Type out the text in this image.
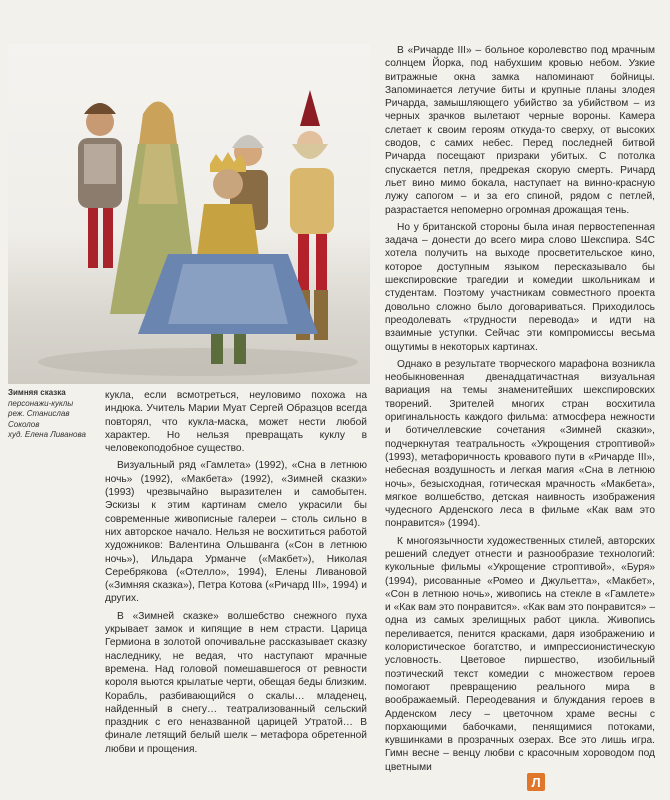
Зимняя сказка
персонажи-куклы
реж. Станислав
Соколов
худ. Елена Ливанова

кукла, если всмотреться, неуловимо похожа на индюка. Учитель Марии Муат Сергей Образцов всегда повторял, что кукла-маска, может нести любой характер. Но нельзя превращать куклу в человекоподобное существо.

Визуальный ряд «Гамлета» (1992), «Сна в летнюю ночь» (1992), «Макбета» (1992), «Зимней сказки» (1993) чрезвычайно выразителен и самобытен. Эскизы к этим картинам смело украсили бы современные живописные галереи – столь сильно в них авторское начало. Нельзя не восхититься работой художников: Валентина Ольшванга («Сон в летнюю ночь»), Ильдара Урманче («Макбет»), Николая Серебрякова («Отелло», 1994), Елены Ливановой («Зимняя сказка»), Петра Котова («Ричард III», 1994) и других.

В «Зимней сказке» волшебство снежного пуха укрывает замок и кипящие в нем страсти. Царица Гермиона в золотой опочивальне рассказывает сказку наследнику, не ведая, что наступают мрачные времена. Над головой помешавшегося от ревности короля вьются крылатые черти, обещая беды близким. Корабль, разбивающийся о скалы… младенец, найденный в снегу… театрализованный сельский праздник с его неназванной царицей Утратой… В финале летящий белый шелк – метафора обретенной любви и прощения.

В «Ричарде III» – больное королевство под мрачным солнцем Йорка, под набухшим кровью небом. Узкие витражные окна замка напоминают бойницы. Запоминается летучие биты и крупные планы злодея Ричарда, замышляющего убийство за убийством – из черных зрачков вылетают черные вороны. Камера слетает к своим героям откуда-то сверху, от высоких сводов, с самих небес. Перед последней битвой Ричарда посещают призраки убитых. С потолка спускается петля, предрекая скорую смерть. Ричард льет вино мимо бокала, наступает на винно-красную лужу сапогом – и за его спиной, рядом с петлей, разрастается непомерно огромная дрожащая тень.

Но у британской стороны была иная первостепенная задача – донести до всего мира слово Шекспира. S4C хотела получить на выходе просветительское кино, которое доступным языком пересказывало бы шекспировские трагедии и комедии школьникам и студентам. Поэтому участникам совместного проекта довольно сложно было договариваться. Приходилось преодолевать «трудности перевода» и идти на взаимные уступки. Сейчас эти компромиссы весьма ощутимы в некоторых картинах.

Однако в результате творческого марафона возникла необыкновенная двенадцатичастная визуальная вариация на темы знаменитейших шекспировских творений. Зрителей многих стран восхитила оригинальность каждого фильма: атмосфера нежности и ботичеллевские сочетания «Зимней сказки», подчеркнутая театральность «Укрощения строптивой» (1993), метафоричность кровавого пути в «Ричарде III», небесная воздушность и легкая магия «Сна в летнюю ночь», безысходная, готическая мрачность «Макбета», мягкое волшебство, детская наивность изображения чудесного Арденского леса в фильме «Как вам это понравится» (1994).

К многоязычности художественных стилей, авторских решений следует отнести и разнообразие технологий: кукольные фильмы «Укрощение строптивой», «Буря» (1994), рисованные «Ромео и Джульетта», «Макбет», «Сон в летнюю ночь», живопись на стекле в «Гамлете» и «Как вам это понравится». «Как вам это понравится» – одна из самых зрелищных работ цикла. Живопись переливается, пенится красками, даря изображению и колористическое богатство, и импрессионистическую условность. Цветовое пиршество, изобильный поэтический текст комедии с множеством героев помогают превращению реального мира в воображаемый. Переодевания и блуждания героев в Арденском лесу – цветочном храме весны с порхающими бабочками, пенящимися потоками, кувшинками в прозрачных озерах. Все это лишь игра. Гимн весне – венцу любви с красочным хороводом под цветными

Л
